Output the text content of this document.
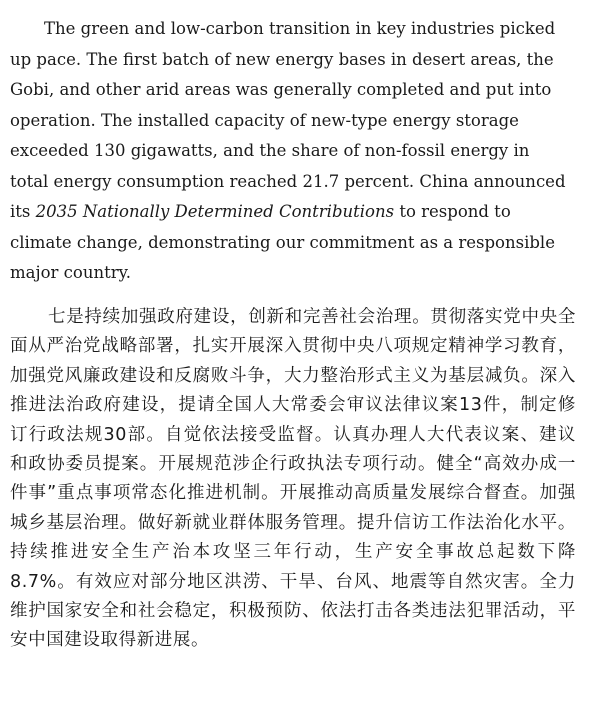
The green and low-carbon transition in key industries picked up pace. The first batch of new energy bases in desert areas, the Gobi, and other arid areas was generally completed and put into operation. The installed capacity of new-type energy storage exceeded 130 gigawatts, and the share of non-fossil energy in total energy consumption reached 21.7 percent. China announced its 2035 Nationally Determined Contributions to respond to climate change, demonstrating our commitment as a responsible major country.

七是持续加强政府建设，创新和完善社会治理。贯彻落实党中央全面从严治党战略部署，扎实开展深入贯彻中央八项规定精神学习教育，加强党风廉政建设和反腐败斗争，大力整治形式主义为基层减负。深入推进法治政府建设，提请全国人大常委会审议法律议案13件，制定修订行政法规30部。自觉依法接受监督。认真办理人大代表议案、建议和政协委员提案。开展规范涉企行政执法专项行动。健全“高效办成一件事”重点事项常态化推进机制。开展推动高质量发展综合督查。加强城乡基层治理。做好新就业群体服务管理。提升信访工作法治化水平。持续推进安全生产治本攻坚三年行动，生产安全事故总起数下降8.7%。有效应对部分地区洪涝、干旱、台风、地震等自然灾害。全力维护国家安全和社会稳定，积极预防、依法打击各类违法犯罪活动，平安中国建设取得新进展。
